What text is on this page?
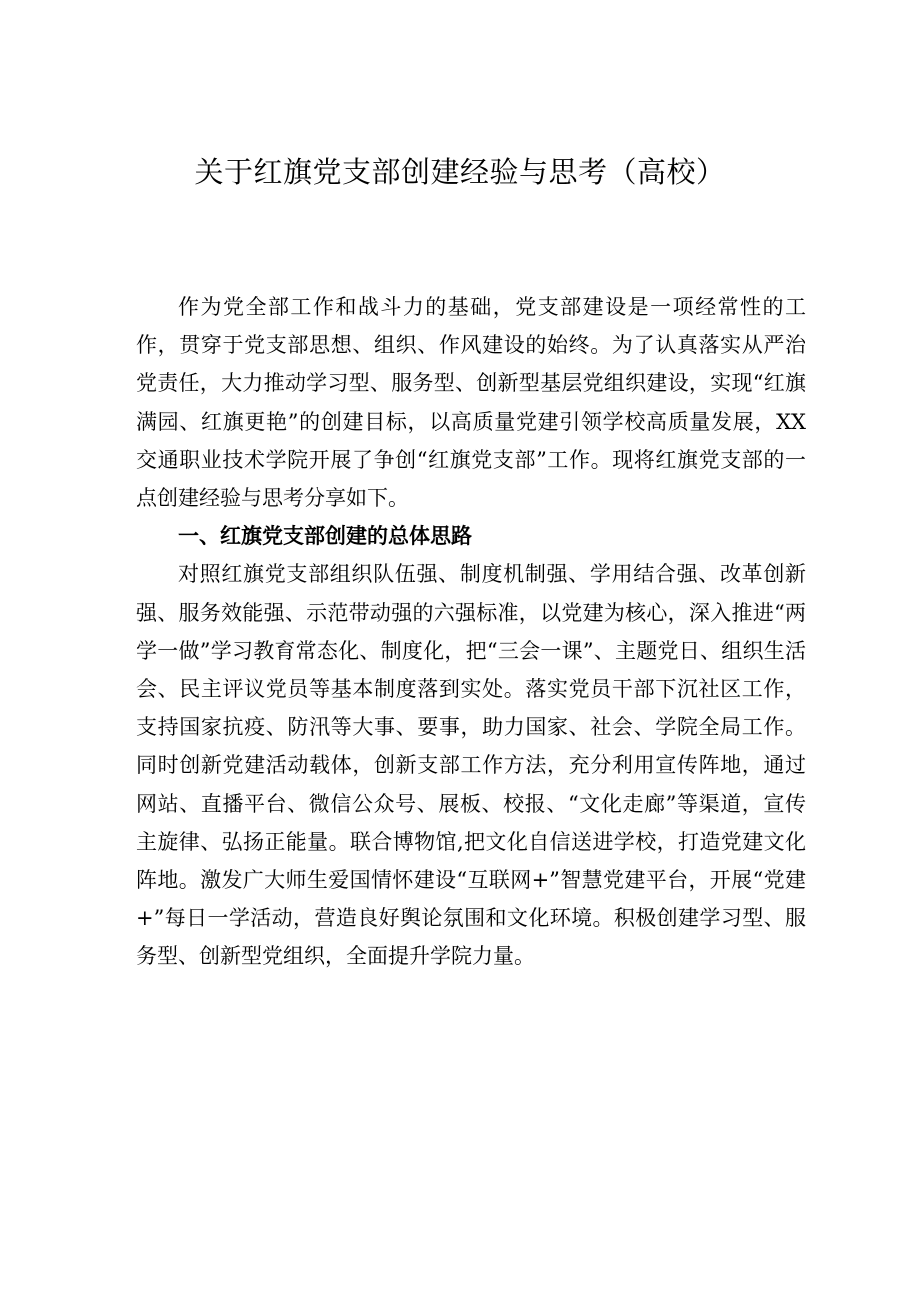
关于红旗党支部创建经验与思考（高校）

作为党全部工作和战斗力的基础，党支部建设是一项经常性的工作，贯穿于党支部思想、组织、作风建设的始终。为了认真落实从严治党责任，大力推动学习型、服务型、创新型基层党组织建设，实现“红旗满园、红旗更艳”的创建目标，以高质量党建引领学校高质量发展，XX交通职业技术学院开展了争创“红旗党支部”工作。现将红旗党支部的一点创建经验与思考分享如下。

一、红旗党支部创建的总体思路

对照红旗党支部组织队伍强、制度机制强、学用结合强、改革创新强、服务效能强、示范带动强的六强标准，以党建为核心，深入推进“两学一做”学习教育常态化、制度化，把“三会一课”、主题党日、组织生活会、民主评议党员等基本制度落到实处。落实党员干部下沉社区工作，支持国家抗疫、防汛等大事、要事，助力国家、社会、学院全局工作。同时创新党建活动载体，创新支部工作方法，充分利用宣传阵地，通过网站、直播平台、微信公众号、展板、校报、“文化走廊”等渠道，宣传主旋律、弘扬正能量。联合博物馆,把文化自信送进学校，打造党建文化阵地。激发广大师生爱国情怀建设“互联网+”智慧党建平台，开展“党建+”每日一学活动，营造良好舆论氛围和文化环境。积极创建学习型、服务型、创新型党组织，全面提升学院力量。
